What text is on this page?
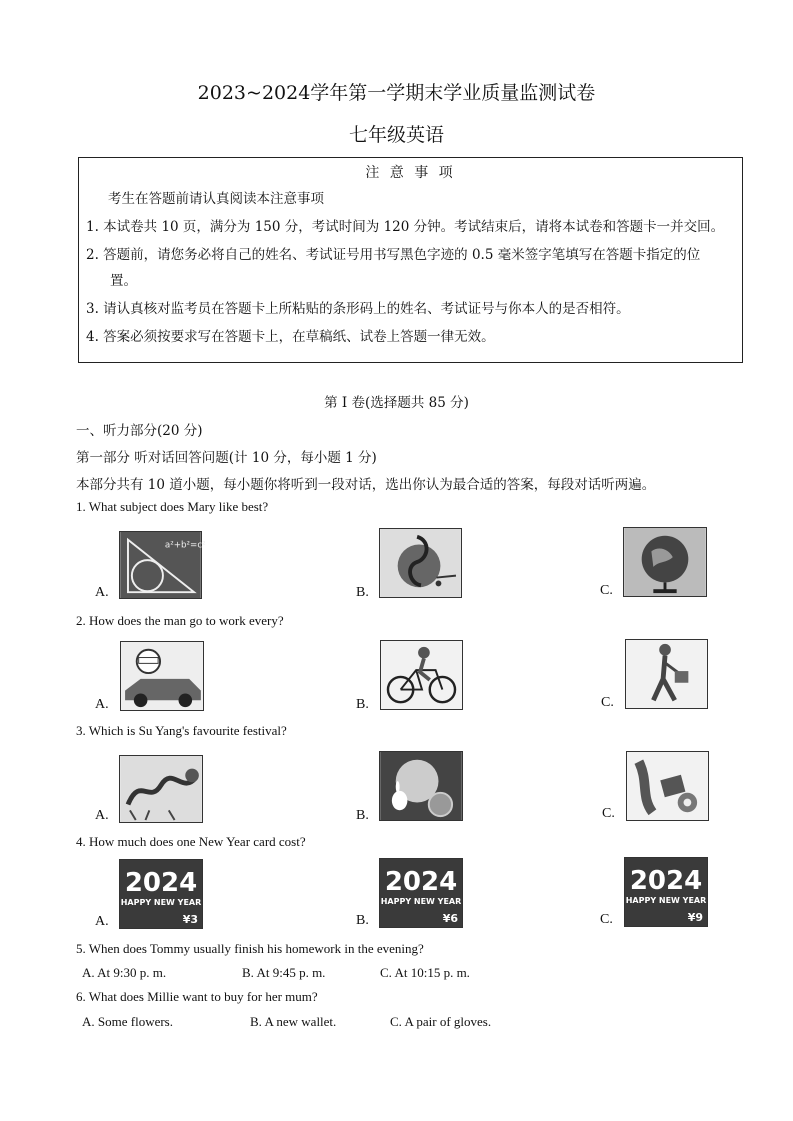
2023~2024学年第一学期末学业质量监测试卷
七年级英语
注 意 事 项
考生在答题前请认真阅读本注意事项
1. 本试卷共 10 页，满分为 150 分，考试时间为 120 分钟。考试结束后，请将本试卷和答题卡一并交回。
2. 答题前，请您务必将自己的姓名、考试证号用书写黑色字迹的 0.5 毫米签字笔填写在答题卡指定的位
置。
3. 请认真核对监考员在答题卡上所粘贴的条形码上的姓名、考试证号与你本人的是否相符。
4. 答案必须按要求写在答题卡上，在草稿纸、试卷上答题一律无效。
第 I 卷(选择题共 85 分)
一、听力部分(20 分)
第一部分 听对话回答问题(计 10 分，每小题 1 分)
本部分共有 10 道小题，每小题你将听到一段对话，选出你认为最合适的答案，每段对话听两遍。
1. What subject does Mary like best?
A.
a²+b²=c²
B.	C.
2. How does the man go to work every?
A.	B.	C.
3. Which is Su Yang's favourite festival?
A.	B.	C.
4. How much does one New Year card cost?
A.
2024
HAPPY NEW YEAR
¥3	B.
2024
HAPPY NEW YEAR
¥6	C.
2024
HAPPY NEW YEAR
¥9
5. When does Tommy usually finish his homework in the evening?
A. At 9:30 p. m.	B. At 9:45 p. m.	C. At 10:15 p. m.
6. What does Millie want to buy for her mum?
A. Some flowers.	B. A new wallet.	C. A pair of gloves.
